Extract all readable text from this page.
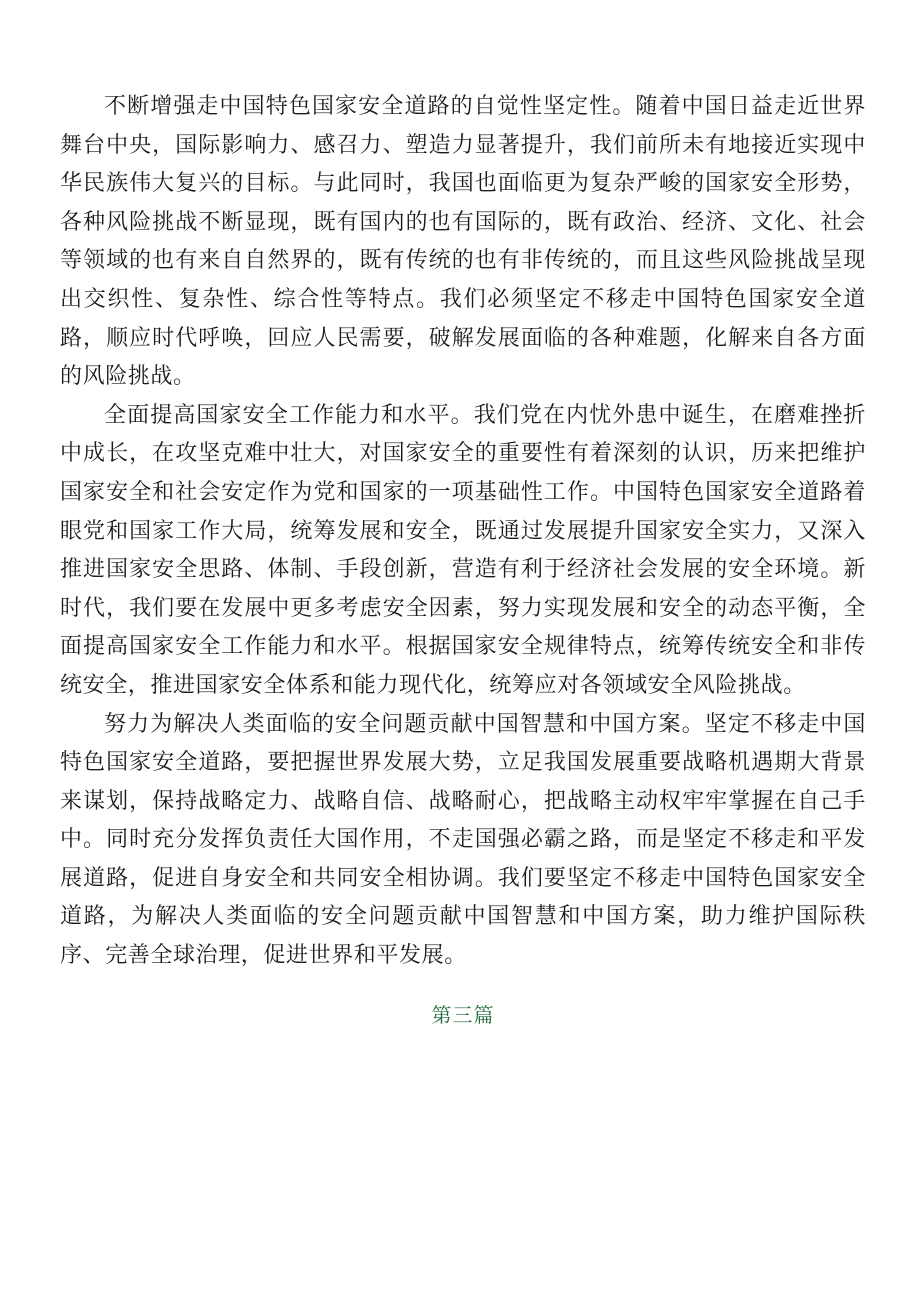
不断增强走中国特色国家安全道路的自觉性坚定性。随着中国日益走近世界舞台中央，国际影响力、感召力、塑造力显著提升，我们前所未有地接近实现中华民族伟大复兴的目标。与此同时，我国也面临更为复杂严峻的国家安全形势，各种风险挑战不断显现，既有国内的也有国际的，既有政治、经济、文化、社会等领域的也有来自自然界的，既有传统的也有非传统的，而且这些风险挑战呈现出交织性、复杂性、综合性等特点。我们必须坚定不移走中国特色国家安全道路，顺应时代呼唤，回应人民需要，破解发展面临的各种难题，化解来自各方面的风险挑战。

全面提高国家安全工作能力和水平。我们党在内忧外患中诞生，在磨难挫折中成长，在攻坚克难中壮大，对国家安全的重要性有着深刻的认识，历来把维护国家安全和社会安定作为党和国家的一项基础性工作。中国特色国家安全道路着眼党和国家工作大局，统筹发展和安全，既通过发展提升国家安全实力，又深入推进国家安全思路、体制、手段创新，营造有利于经济社会发展的安全环境。新时代，我们要在发展中更多考虑安全因素，努力实现发展和安全的动态平衡，全面提高国家安全工作能力和水平。根据国家安全规律特点，统筹传统安全和非传统安全，推进国家安全体系和能力现代化，统筹应对各领域安全风险挑战。

努力为解决人类面临的安全问题贡献中国智慧和中国方案。坚定不移走中国特色国家安全道路，要把握世界发展大势，立足我国发展重要战略机遇期大背景来谋划，保持战略定力、战略自信、战略耐心，把战略主动权牢牢掌握在自己手中。同时充分发挥负责任大国作用，不走国强必霸之路，而是坚定不移走和平发展道路，促进自身安全和共同安全相协调。我们要坚定不移走中国特色国家安全道路，为解决人类面临的安全问题贡献中国智慧和中国方案，助力维护国际秩序、完善全球治理，促进世界和平发展。

第三篇
